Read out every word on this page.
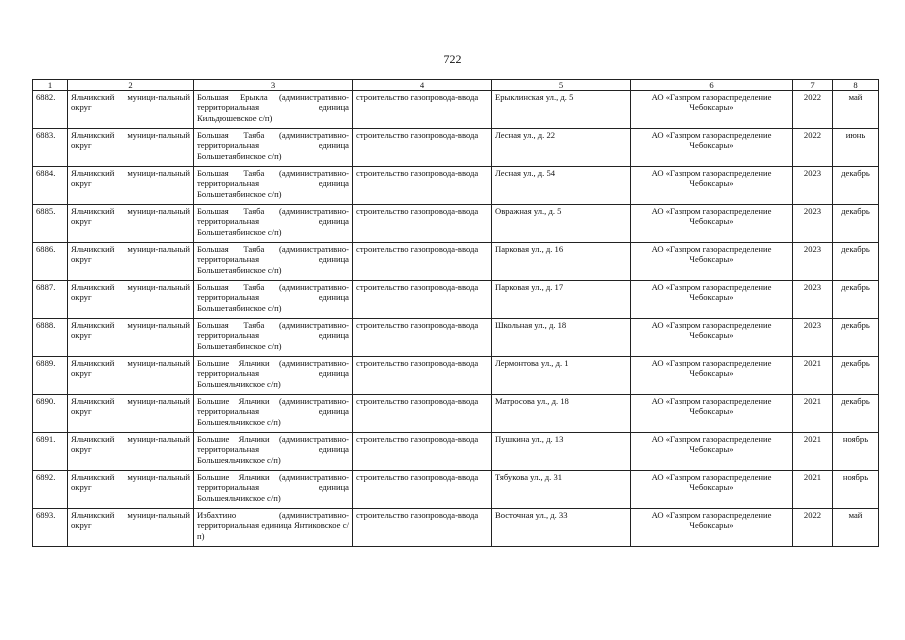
722
1	2	3	4	5	6	7	8
6882.	Яльчикский муници-пальный округ	Большая Ерыкла (административно-территориальная единица Кильдюшевское с/п)	строительство газопровода-ввода	Ерыклинская ул., д. 5	АО «Газпром газораспределение Чебоксары»	2022	май
6883.	Яльчикский муници-пальный округ	Большая Таяба (административно-территориальная единица Большетаябинское с/п)	строительство газопровода-ввода	Лесная ул., д. 22	АО «Газпром газораспределение Чебоксары»	2022	июнь
6884.	Яльчикский муници-пальный округ	Большая Таяба (административно-территориальная единица Большетаябинское с/п)	строительство газопровода-ввода	Лесная ул., д. 54	АО «Газпром газораспределение Чебоксары»	2023	декабрь
6885.	Яльчикский муници-пальный округ	Большая Таяба (административно-территориальная единица Большетаябинское с/п)	строительство газопровода-ввода	Овражная ул., д. 5	АО «Газпром газораспределение Чебоксары»	2023	декабрь
6886.	Яльчикский муници-пальный округ	Большая Таяба (административно-территориальная единица Большетаябинское с/п)	строительство газопровода-ввода	Парковая ул., д. 16	АО «Газпром газораспределение Чебоксары»	2023	декабрь
6887.	Яльчикский муници-пальный округ	Большая Таяба (административно-территориальная единица Большетаябинское с/п)	строительство газопровода-ввода	Парковая ул., д. 17	АО «Газпром газораспределение Чебоксары»	2023	декабрь
6888.	Яльчикский муници-пальный округ	Большая Таяба (административно-территориальная единица Большетаябинское с/п)	строительство газопровода-ввода	Школьная ул., д. 18	АО «Газпром газораспределение Чебоксары»	2023	декабрь
6889.	Яльчикский муници-пальный округ	Большие Яльчики (административно-территориальная единица Большеяльчикское с/п)	строительство газопровода-ввода	Лермонтова ул., д. 1	АО «Газпром газораспределение Чебоксары»	2021	декабрь
6890.	Яльчикский муници-пальный округ	Большие Яльчики (административно-территориальная единица Большеяльчикское с/п)	строительство газопровода-ввода	Матросова ул., д. 18	АО «Газпром газораспределение Чебоксары»	2021	декабрь
6891.	Яльчикский муници-пальный округ	Большие Яльчики (административно-территориальная единица Большеяльчикское с/п)	строительство газопровода-ввода	Пушкина ул., д. 13	АО «Газпром газораспределение Чебоксары»	2021	ноябрь
6892.	Яльчикский муници-пальный округ	Большие Яльчики (административно-территориальная единица Большеяльчикское с/п)	строительство газопровода-ввода	Тябукова ул., д. 31	АО «Газпром газораспределение Чебоксары»	2021	ноябрь
6893.	Яльчикский муници-пальный округ	Избахтино (административно-территориальная единица Янтиковское с/п)	строительство газопровода-ввода	Восточная ул., д. 33	АО «Газпром газораспределение Чебоксары»	2022	май
